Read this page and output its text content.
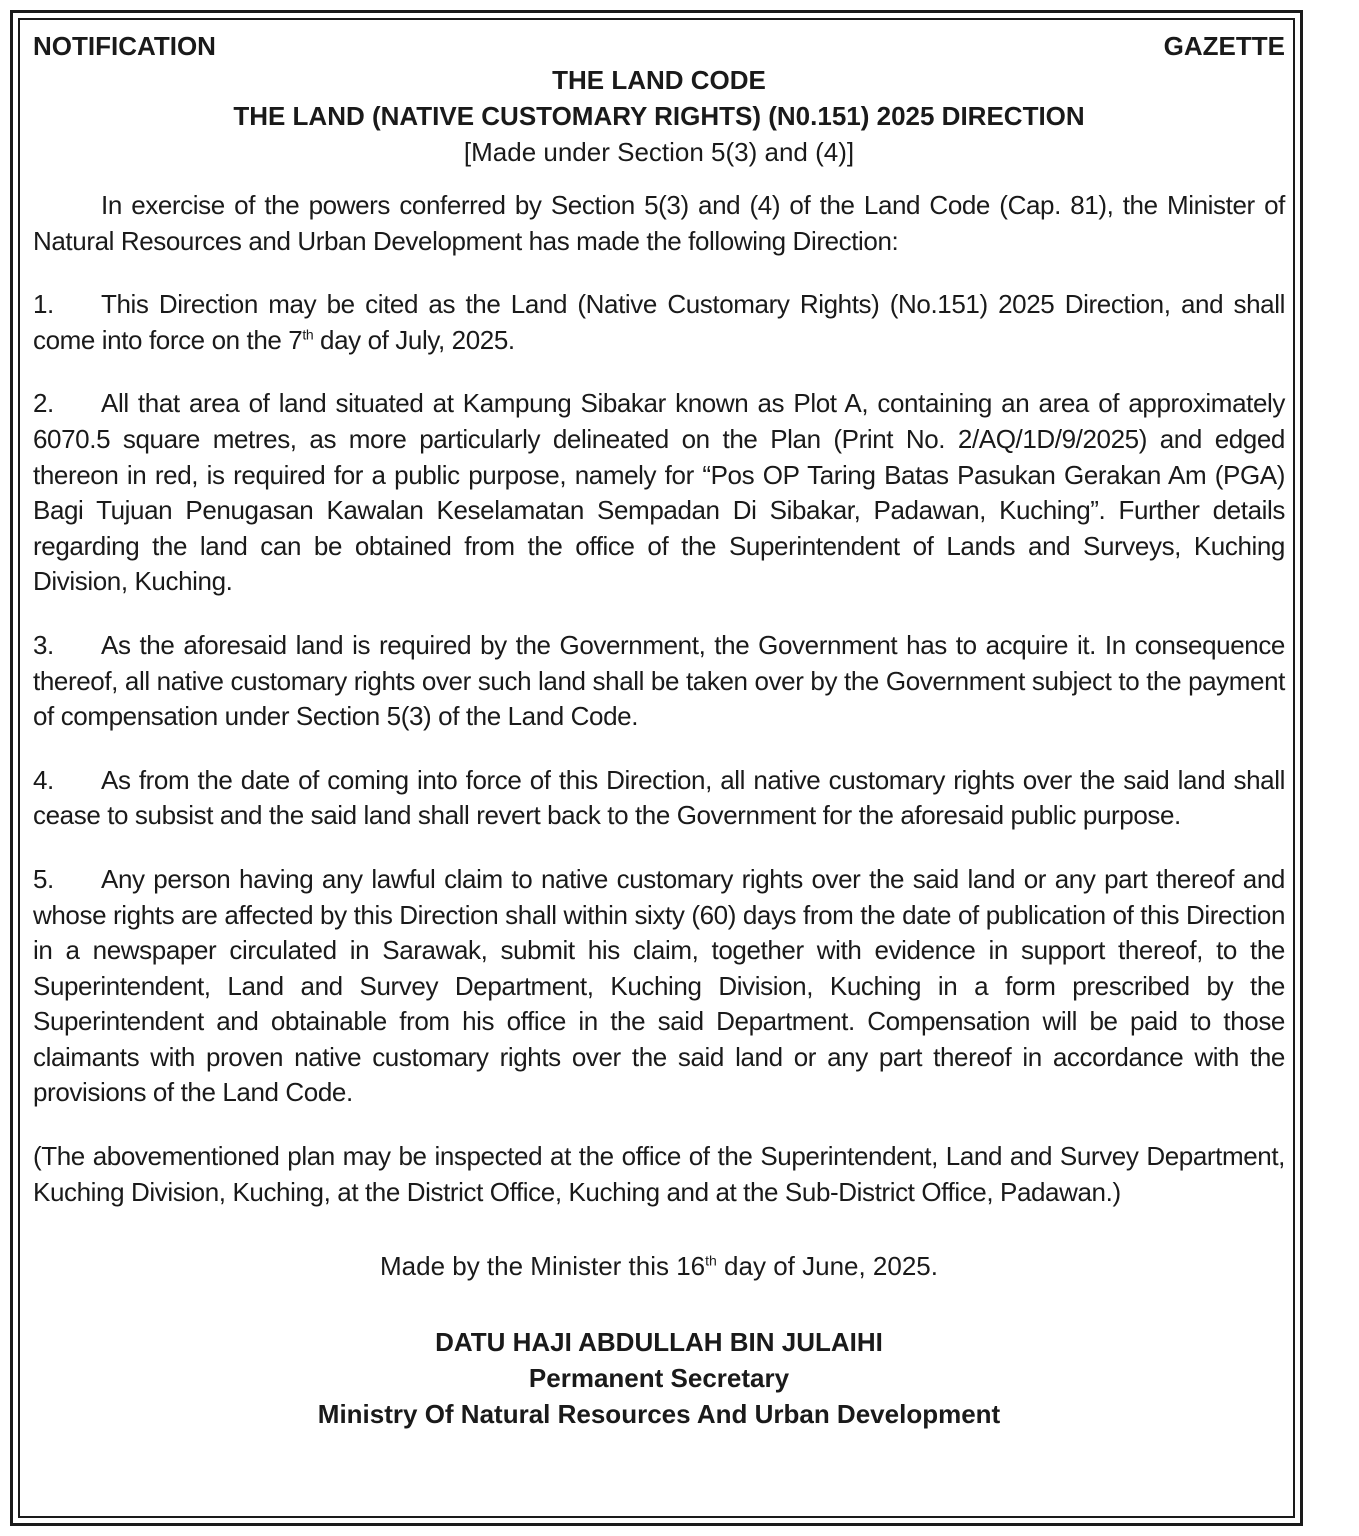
NOTIFICATION	GAZETTE
THE LAND CODE
THE LAND (NATIVE CUSTOMARY RIGHTS) (N0.151) 2025 DIRECTION
[Made under Section 5(3) and (4)]

In exercise of the powers conferred by Section 5(3) and (4) of the Land Code (Cap. 81), the Minister of Natural Resources and Urban Development has made the following Direction:

1. This Direction may be cited as the Land (Native Customary Rights) (No.151) 2025 Direction, and shall come into force on the 7th day of July, 2025.

2. All that area of land situated at Kampung Sibakar known as Plot A, containing an area of approximately 6070.5 square metres, as more particularly delineated on the Plan (Print No. 2/AQ/1D/9/2025) and edged thereon in red, is required for a public purpose, namely for “Pos OP Taring Batas Pasukan Gerakan Am (PGA) Bagi Tujuan Penugasan Kawalan Keselamatan Sempadan Di Sibakar, Padawan, Kuching”. Further details regarding the land can be obtained from the office of the Superintendent of Lands and Surveys, Kuching Division, Kuching.

3. As the aforesaid land is required by the Government, the Government has to acquire it. In consequence thereof, all native customary rights over such land shall be taken over by the Government subject to the payment of compensation under Section 5(3) of the Land Code.

4. As from the date of coming into force of this Direction, all native customary rights over the said land shall cease to subsist and the said land shall revert back to the Government for the aforesaid public purpose.

5. Any person having any lawful claim to native customary rights over the said land or any part thereof and whose rights are affected by this Direction shall within sixty (60) days from the date of publication of this Direction in a newspaper circulated in Sarawak, submit his claim, together with evidence in support thereof, to the Superintendent, Land and Survey Department, Kuching Division, Kuching in a form prescribed by the Superintendent and obtainable from his office in the said Department. Compensation will be paid to those claimants with proven native customary rights over the said land or any part thereof in accordance with the provisions of the Land Code.

(The abovementioned plan may be inspected at the office of the Superintendent, Land and Survey Department, Kuching Division, Kuching, at the District Office, Kuching and at the Sub-District Office, Padawan.)

Made by the Minister this 16th day of June, 2025.
DATU HAJI ABDULLAH BIN JULAIHI
Permanent Secretary
Ministry Of Natural Resources And Urban Development
